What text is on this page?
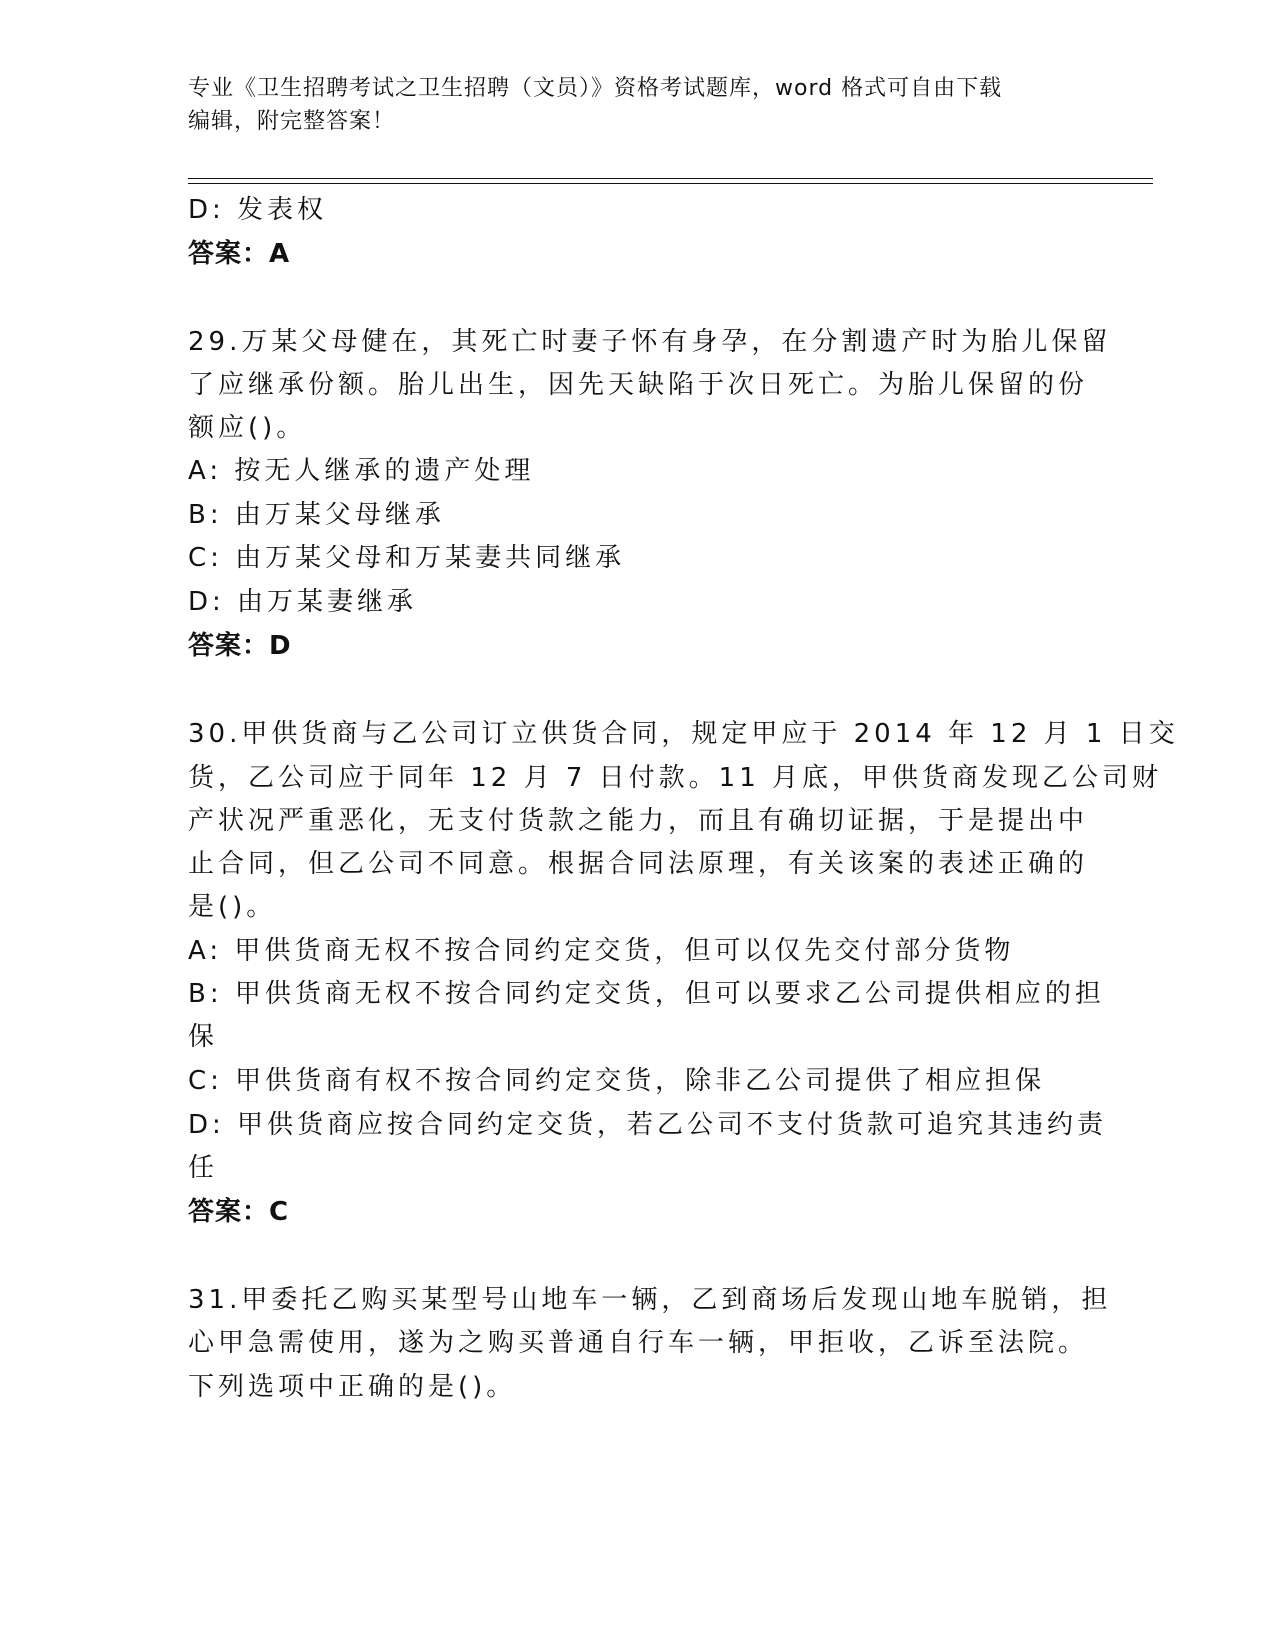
专业《卫生招聘考试之卫生招聘（文员）》资格考试题库，word 格式可自由下载
编辑，附完整答案！
D: 发表权
答案：A
29.万某父母健在，其死亡时妻子怀有身孕，在分割遗产时为胎儿保留
了应继承份额。胎儿出生，因先天缺陷于次日死亡。为胎儿保留的份
额应()。
A: 按无人继承的遗产处理
B: 由万某父母继承
C: 由万某父母和万某妻共同继承
D: 由万某妻继承
答案：D
30.甲供货商与乙公司订立供货合同，规定甲应于 2014 年 12 月 1 日交
货，乙公司应于同年 12 月 7 日付款。11 月底，甲供货商发现乙公司财
产状况严重恶化，无支付货款之能力，而且有确切证据，于是提出中
止合同，但乙公司不同意。根据合同法原理，有关该案的表述正确的
是()。
A: 甲供货商无权不按合同约定交货，但可以仅先交付部分货物
B: 甲供货商无权不按合同约定交货，但可以要求乙公司提供相应的担
保
C: 甲供货商有权不按合同约定交货，除非乙公司提供了相应担保
D: 甲供货商应按合同约定交货，若乙公司不支付货款可追究其违约责
任
答案：C
31.甲委托乙购买某型号山地车一辆，乙到商场后发现山地车脱销，担
心甲急需使用，遂为之购买普通自行车一辆，甲拒收，乙诉至法院。
下列选项中正确的是()。
